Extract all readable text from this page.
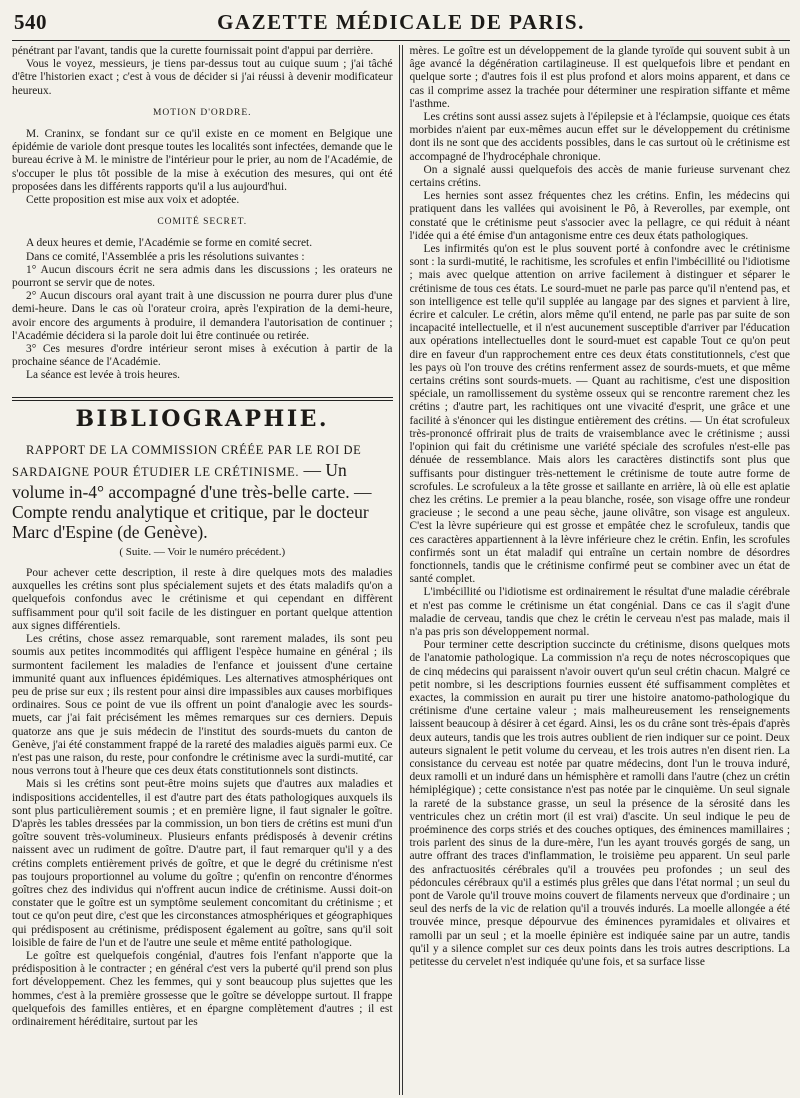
540	GAZETTE MÉDICALE DE PARIS.

pénétrant par l'avant, tandis que la curette fournissait point d'appui par derrière.

Vous le voyez, messieurs, je tiens par-dessus tout au cuique suum ; j'ai tâché d'être l'historien exact ; c'est à vous de décider si j'ai réussi à devenir modificateur heureux.

MOTION D'ORDRE.

M. Craninx, se fondant sur ce qu'il existe en ce moment en Belgique une épidémie de variole dont presque toutes les localités sont infectées, demande que le bureau écrive à M. le ministre de l'intérieur pour le prier, au nom de l'Académie, de s'occuper le plus tôt possible de la mise à exécution des mesures, qui ont été proposées dans les différents rapports qu'il a lus aujourd'hui.

Cette proposition est mise aux voix et adoptée.

COMITÉ SECRET.

A deux heures et demie, l'Académie se forme en comité secret.

Dans ce comité, l'Assemblée a pris les résolutions suivantes :

1° Aucun discours écrit ne sera admis dans les discussions ; les orateurs ne pourront se servir que de notes.

2° Aucun discours oral ayant trait à une discussion ne pourra durer plus d'une demi-heure. Dans le cas où l'orateur croira, après l'expiration de la demi-heure, avoir encore des arguments à produire, il demandera l'autorisation de continuer ; l'Académie décidera si la parole doit lui être continuée ou retirée.

3° Ces mesures d'ordre intérieur seront mises à exécution à partir de la prochaine séance de l'Académie.

La séance est levée à trois heures.

BIBLIOGRAPHIE.

RAPPORT DE LA COMMISSION CRÉÉE PAR LE ROI DE SARDAIGNE POUR ÉTUDIER LE CRÉTINISME. — Un volume in-4° accompagné d'une très-belle carte. — Compte rendu analytique et critique, par le docteur Marc d'Espine (de Genève).

( Suite. — Voir le numéro précédent.)

Pour achever cette description, il reste à dire quelques mots des maladies auxquelles les crétins sont plus spécialement sujets et des états maladifs qu'on a quelquefois confondus avec le crétinisme et qui cependant en diffèrent suffisamment pour qu'il soit facile de les distinguer en portant quelque attention aux signes différentiels.

Les crétins, chose assez remarquable, sont rarement malades, ils sont peu soumis aux petites incommodités qui affligent l'espèce humaine en général ; ils surmontent facilement les maladies de l'enfance et jouissent d'une certaine immunité quant aux influences épidémiques. Les alternatives atmosphériques ont peu de prise sur eux ; ils restent pour ainsi dire impassibles aux causes morbifiques ordinaires. Sous ce point de vue ils offrent un point d'analogie avec les sourds-muets, car j'ai fait précisément les mêmes remarques sur ces derniers. Depuis quatorze ans que je suis médecin de l'institut des sourds-muets du canton de Genève, j'ai été constamment frappé de la rareté des maladies aiguës parmi eux. Ce n'est pas une raison, du reste, pour confondre le crétinisme avec la surdi-mutité, car nous verrons tout à l'heure que ces deux états constitutionnels sont distincts.

Mais si les crétins sont peut-être moins sujets que d'autres aux maladies et indispositions accidentelles, il est d'autre part des états pathologiques auxquels ils sont plus particulièrement soumis ; et en première ligne, il faut signaler le goître. D'après les tables dressées par la commission, un bon tiers de crétins est muni d'un goître souvent très-volumineux. Plusieurs enfants prédisposés à devenir crétins naissent avec un rudiment de goître. D'autre part, il faut remarquer qu'il y a des crétins complets entièrement privés de goître, et que le degré du crétinisme n'est pas toujours proportionnel au volume du goître ; qu'enfin on rencontre d'énormes goîtres chez des individus qui n'offrent aucun indice de crétinisme. Aussi doit-on constater que le goître est un symptôme seulement concomitant du crétinisme ; et tout ce qu'on peut dire, c'est que les circonstances atmosphériques et géographiques qui prédisposent au crétinisme, prédisposent également au goître, sans qu'il soit loisible de faire de l'un et de l'autre une seule et même entité pathologique.

Le goître est quelquefois congénial, d'autres fois l'enfant n'apporte que la prédisposition à le contracter ; en général c'est vers la puberté qu'il prend son plus fort développement. Chez les femmes, qui y sont beaucoup plus sujettes que les hommes, c'est à la première grossesse que le goître se développe surtout. Il frappe quelquefois des familles entières, et en épargne complètement d'autres ; il est ordinairement héréditaire, surtout par les

mères. Le goître est un développement de la glande tyroïde qui souvent subit à un âge avancé la dégénération cartilagineuse. Il est quelquefois libre et pendant en quelque sorte ; d'autres fois il est plus profond et alors moins apparent, et dans ce cas il comprime assez la trachée pour déterminer une respiration siffante et même l'asthme.

Les crétins sont aussi assez sujets à l'épilepsie et à l'éclampsie, quoique ces états morbides n'aient par eux-mêmes aucun effet sur le développement du crétinisme dont ils ne sont que des accidents possibles, dans le cas surtout où le crétinisme est accompagné de l'hydrocéphale chronique.

On a signalé aussi quelquefois des accès de manie furieuse survenant chez certains crétins.

Les hernies sont assez fréquentes chez les crétins. Enfin, les médecins qui pratiquent dans les vallées qui avoisinent le Pô, à Reverolles, par exemple, ont constaté que le crétinisme peut s'associer avec la pellagre, ce qui réduit à néant l'idée qui a été émise d'un antagonisme entre ces deux états pathologiques.

Les infirmités qu'on est le plus souvent porté à confondre avec le crétinisme sont : la surdi-mutité, le rachitisme, les scrofules et enfin l'imbécillité ou l'idiotisme ; mais avec quelque attention on arrive facilement à distinguer et séparer le crétinisme de tous ces états. Le sourd-muet ne parle pas parce qu'il n'entend pas, et son intelligence est telle qu'il supplée au langage par des signes et parvient à lire, écrire et calculer. Le crétin, alors même qu'il entend, ne parle pas par suite de son incapacité intellectuelle, et il n'est aucunement susceptible d'arriver par l'éducation aux opérations intellectuelles dont le sourd-muet est capable Tout ce qu'on peut dire en faveur d'un rapprochement entre ces deux états constitutionnels, c'est que les pays où l'on trouve des crétins renferment assez de sourds-muets, et que même certains crétins sont sourds-muets. — Quant au rachitisme, c'est une disposition spéciale, un ramollissement du système osseux qui se rencontre rarement chez les crétins ; d'autre part, les rachitiques ont une vivacité d'esprit, une grâce et une facilité à s'énoncer qui les distingue entièrement des crétins. — Un état scrofuleux très-prononcé offrirait plus de traits de vraisemblance avec le crétinisme ; aussi l'opinion qui fait du crétinisme une variété spéciale des scrofules n'est-elle pas dénuée de ressemblance. Mais alors les caractères distinctifs sont plus que suffisants pour distinguer très-nettement le crétinisme de toute autre forme de scrofules. Le scrofuleux a la tête grosse et saillante en arrière, là où elle est aplatie chez les crétins. Le premier a la peau blanche, rosée, son visage offre une rondeur gracieuse ; le second a une peau sèche, jaune olivâtre, son visage est anguleux. C'est la lèvre supérieure qui est grosse et empâtée chez le scrofuleux, tandis que ces caractères appartiennent à la lèvre inférieure chez le crétin. Enfin, les scrofules confirmés sont un état maladif qui entraîne un certain nombre de désordres fonctionnels, tandis que le crétinisme confirmé peut se combiner avec un état de santé complet.

L'imbécillité ou l'idiotisme est ordinairement le résultat d'une maladie cérébrale et n'est pas comme le crétinisme un état congénial. Dans ce cas il s'agit d'une maladie de cerveau, tandis que chez le crétin le cerveau n'est pas malade, mais il n'a pas pris son développement normal.

Pour terminer cette description succincte du crétinisme, disons quelques mots de l'anatomie pathologique. La commission n'a reçu de notes nécroscopiques que de cinq médecins qui paraissent n'avoir ouvert qu'un seul crétin chacun. Malgré ce petit nombre, si les descriptions fournies eussent été suffisamment complètes et exactes, la commission en aurait pu tirer une histoire anatomo-pathologique du crétinisme d'une certaine valeur ; mais malheureusement les renseignements laissent beaucoup à désirer à cet égard. Ainsi, les os du crâne sont très-épais d'après deux auteurs, tandis que les trois autres oublient de rien indiquer sur ce point. Deux auteurs signalent le petit volume du cerveau, et les trois autres n'en disent rien. La consistance du cerveau est notée par quatre médecins, dont l'un le trouva induré, deux ramolli et un induré dans un hémisphère et ramolli dans l'autre (chez un crétin hémiplégique) ; cette consistance n'est pas notée par le cinquième. Un seul signale la rareté de la substance grasse, un seul la présence de la sérosité dans les ventricules chez un crétin mort (il est vrai) d'ascite. Un seul indique le peu de proéminence des corps striés et des couches optiques, des éminences mamillaires ; trois parlent des sinus de la dure-mère, l'un les ayant trouvés gorgés de sang, un autre offrant des traces d'inflammation, le troisième peu apparent. Un seul parle des anfractuosités cérébrales qu'il a trouvées peu profondes ; un seul des pédoncules cérébraux qu'il a estimés plus grêles que dans l'état normal ; un seul du pont de Varole qu'il trouve moins couvert de filaments nerveux que d'ordinaire ; un seul des nerfs de la vic de relation qu'il a trouvés indurés. La moelle allongée a été trouvée mince, presque dépourvue des éminences pyramidales et olivaires et ramolli par un seul ; et la moelle épinière est indiquée saine par un autre, tandis qu'il y a silence complet sur ces deux points dans les trois autres descriptions. La petitesse du cervelet n'est indiquée qu'une fois, et sa surface lisse
